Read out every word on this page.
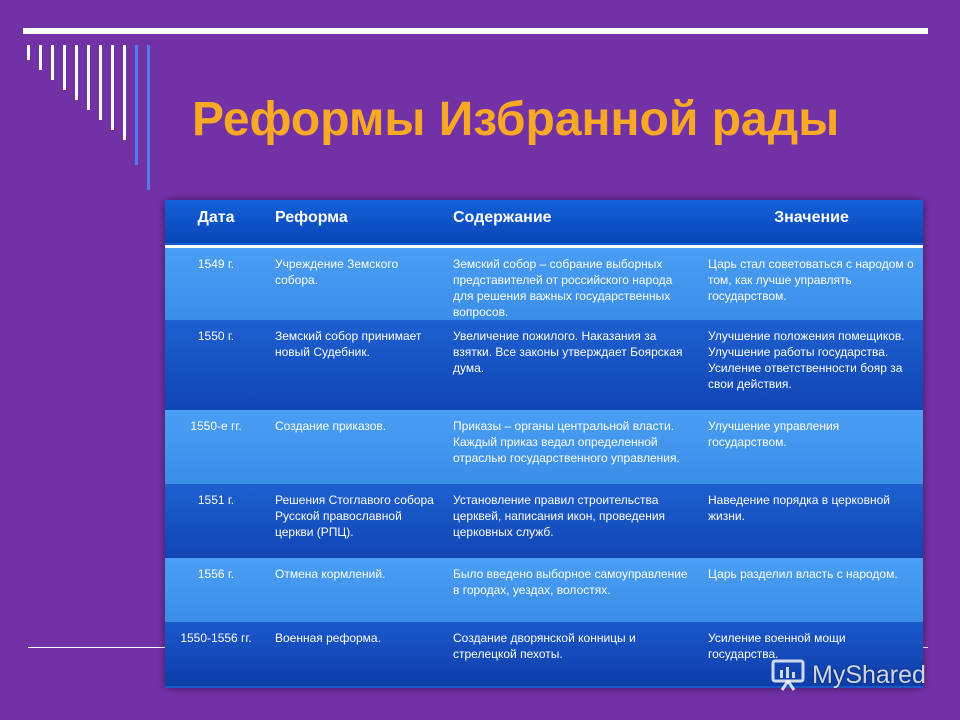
Реформы Избранной рады
Дата	Реформа	Содержание	Значение
1549 г.	Учреждение Земского собора.	Земский собор – собрание выборных представителей от российского народа для решения важных государственных вопросов.	Царь стал советоваться с народом о том, как лучше управлять государством.
1550 г.	Земский собор принимает новый Судебник.	Увеличение пожилого. Наказания за взятки. Все законы утверждает Боярская дума.	Улучшение положения помещиков. Улучшение работы государства. Усиление ответственности бояр за свои действия.
1550-е гг.	Создание приказов.	Приказы – органы центральной власти. Каждый приказ ведал определенной отраслью государственного управления.	Улучшение управления государством.
1551 г.	Решения Стоглавого собора Русской православной церкви (РПЦ).	Установление правил строительства церквей, написания икон, проведения церковных служб.	Наведение порядка в церковной жизни.
1556 г.	Отмена кормлений.	Было введено выборное самоуправление в городах, уездах, волостях.	Царь разделил власть с народом.
1550-1556 гг.	Военная реформа.	Создание дворянской конницы и стрелецкой пехоты.	Усиление военной мощи государства.
MyShared
